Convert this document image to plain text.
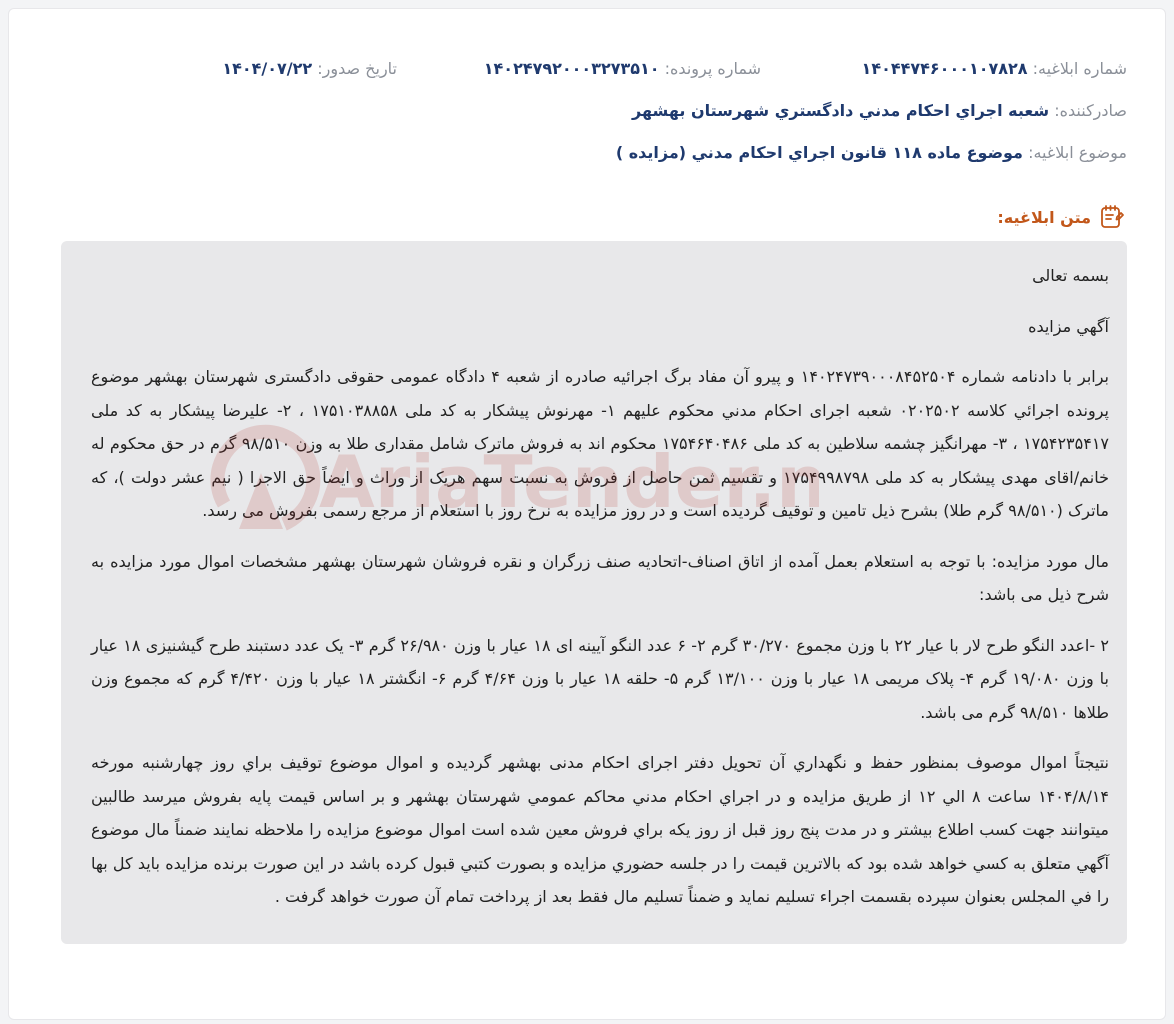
شماره ابلاغیه: ۱۴۰۴۴۷۴۶۰۰۰۱۰۷۸۲۸
شماره پرونده: ۱۴۰۲۴۷۹۲۰۰۰۳۲۷۳۵۱۰
تاریخ صدور: ۱۴۰۴/۰۷/۲۲
صادرکننده: شعبه اجراي احكام مدني دادگستري شهرستان بهشهر
موضوع ابلاغیه: موضوع ماده ۱۱۸ قانون اجراي احكام مدني (مزايده )
متن ابلاغیه:

بسمه تعالی

آگهي مزايده

برابر با دادنامه شماره ۱۴۰۲۴۷۳۹۰۰۰۸۴۵۲۵۰۴ و پیرو آن مفاد برگ اجرائیه صادره از شعبه ۴ دادگاه عمومی حقوقی دادگستری شهرستان بهشهر موضوع پرونده اجرائي كلاسه ۰۲۰۲۵۰۲ شعبه اجرای احکام مدني محکوم علیهم ۱- مهرنوش پیشکار به کد ملی ۱۷۵۱۰۳۸۸۵۸ ، ۲- علیرضا پیشکار به کد ملی ۱۷۵۴۲۳۵۴۱۷ ، ۳- مهرانگیز چشمه سلاطین به کد ملی ۱۷۵۴۶۴۰۴۸۶ محکوم اند به فروش ماترک شامل مقداری طلا به وزن ۹۸/۵۱۰ گرم در حق محکوم له خانم/اقای مهدی پیشکار به کد ملی ۱۷۵۴۹۹۸۷۹۸ و تقسیم ثمن حاصل از فروش به نسبت سهم هریک از وراث و ایضاً حق الاجرا ( نیم عشر دولت )، که ماترک (۹۸/۵۱۰ گرم طلا) بشرح ذیل تامین و توقیف گردیده است و در روز مزایده به نرخ روز با استعلام از مرجع رسمی بفروش می رسد.

مال مورد مزایده: با توجه به استعلام بعمل آمده از اتاق اصناف-اتحادیه صنف زرگران و نقره فروشان شهرستان بهشهر مشخصات اموال مورد مزایده به شرح ذیل می باشد:

۲ -اعدد النگو طرح لار با عیار ۲۲ با وزن مجموع ۳۰/۲۷۰ گرم ۲- ۶ عدد النگو آیینه ای ۱۸ عیار با وزن ۲۶/۹۸۰ گرم ۳- یک عدد دستبند طرح گیشنیزی ۱۸ عیار با وزن ۱۹/۰۸۰ گرم ۴- پلاک مریمی ۱۸ عیار با وزن ۱۳/۱۰۰ گرم ۵- حلقه ۱۸ عیار با وزن ۴/۶۴ گرم ۶- انگشتر ۱۸ عیار با وزن ۴/۴۲۰ گرم که مجموع وزن طلاها ۹۸/۵۱۰ گرم می باشد.

نتیجتاً اموال موصوف بمنظور حفظ و نگهداري آن تحویل دفتر اجرای احکام مدنی بهشهر گردیده و اموال موضوع توقیف براي روز چهارشنبه مورخه ۱۴۰۴/۸/۱۴ ساعت ۸ الي ۱۲ از طريق مزايده و در اجراي احكام مدني محاكم عمومي شهرستان بهشهر و بر اساس قيمت پايه بفروش ميرسد طالبين ميتوانند جهت كسب اطلاع بيشتر و در مدت پنج روز قبل از روز يكه براي فروش معين شده است اموال موضوع مزايده را ملاحظه نمايند ضمناً مال موضوع آگهي متعلق به كسي خواهد شده بود كه بالاترين قيمت را در جلسه حضوري مزايده و بصورت كتبي قبول كرده باشد در اين صورت برنده مزايده بايد كل بها را في المجلس بعنوان سپرده بقسمت اجراء تسليم نمايد و ضمناً تسليم مال فقط بعد از پرداخت تمام آن صورت خواهد گرفت .
